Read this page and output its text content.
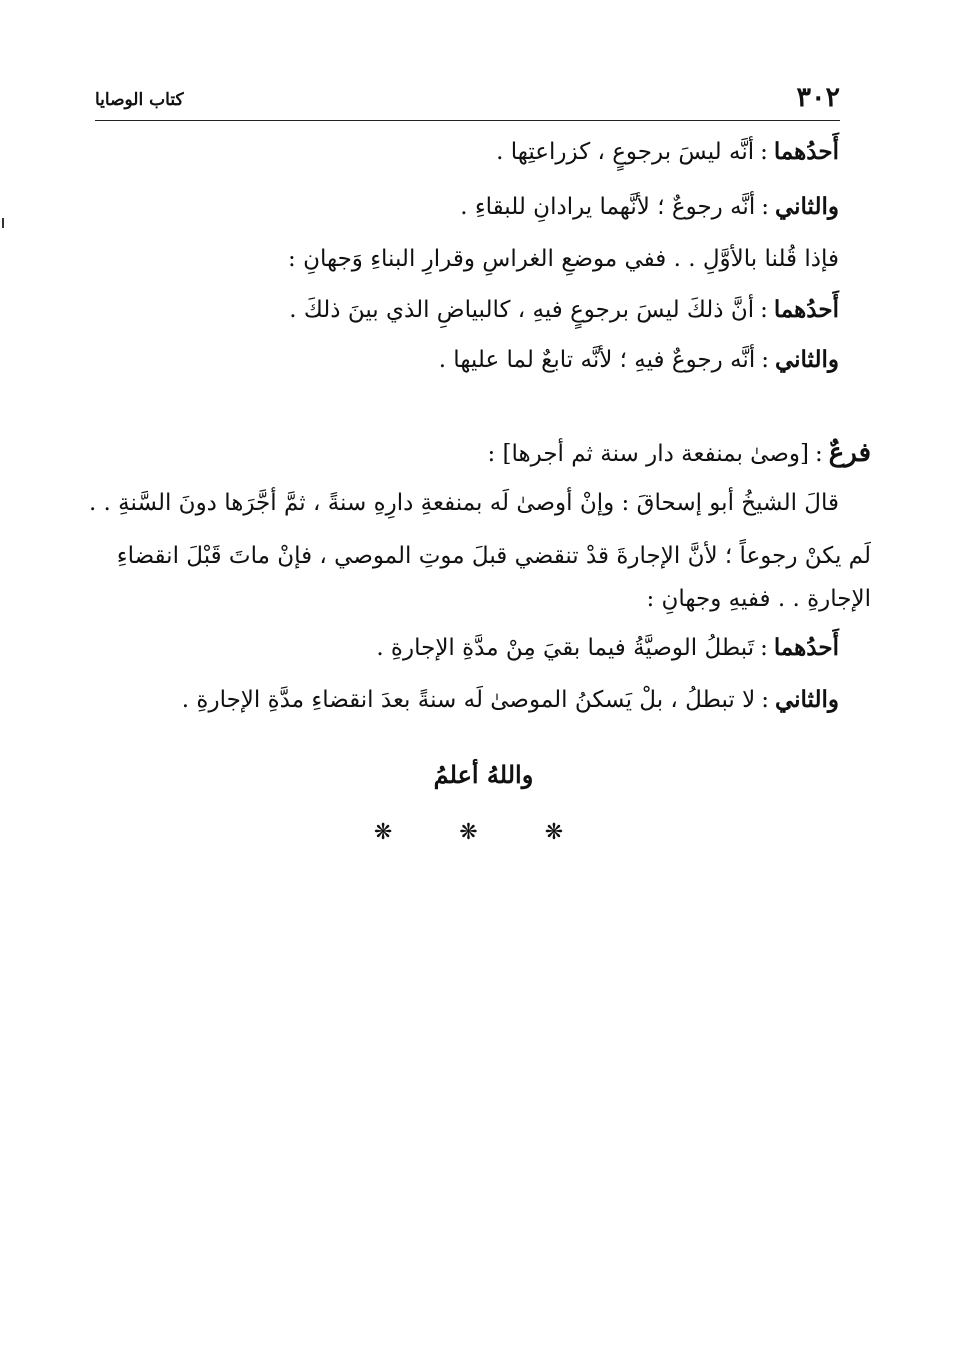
٣٠٢
كتاب الوصايا
أَحدُهما:أنَّه ليسَ برجوعٍ ، كزراعتِها .
والثاني:أنَّه رجوعٌ ؛ لأنَّهما يرادانِ للبقاءِ .
فإذا قُلنا بالأوَّلِ . . ففي موضعِ الغراسِ وقرارِ البناءِ وَجهانِ :
أَحدُهما:أنَّ ذلكَ ليسَ برجوعٍ فيهِ ، كالبياضِ الذي بينَ ذلكَ .
والثاني:أنَّه رجوعٌ فيهِ ؛ لأنَّه تابعٌ لما عليها .
فرعٌ:[وصىٰ بمنفعة دار سنة ثم أجرها] :
قالَ الشيخُ أبو إسحاقَ : وإنْ أوصىٰ لَه بمنفعةِ دارِهِ سنةً ، ثمَّ أجَّرَها دونَ السَّنةِ . .
لَم يكنْ رجوعاً ؛ لأنَّ الإجارةَ قدْ تنقضي قبلَ موتِ الموصي ، فإنْ ماتَ قَبْلَ انقضاءِ
الإجارةِ . . ففيهِ وجهانِ :
أَحدُهما:تَبطلُ الوصيَّةُ فيما بقيَ مِنْ مدَّةِ الإجارةِ .
والثاني:لا تبطلُ ، بلْ يَسكنُ الموصىٰ لَه سنةً بعدَ انقضاءِ مدَّةِ الإجارةِ .
واللهُ أعلمُ
❋ ❋ ❋
